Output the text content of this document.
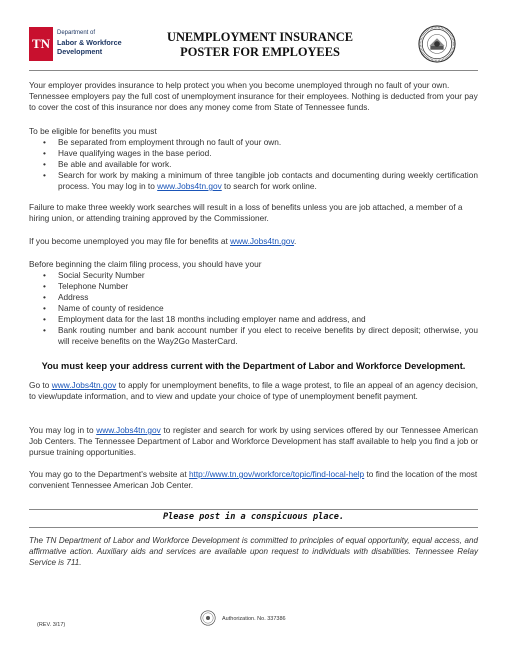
TN
Department of
Labor & Workforce
Development
UNEMPLOYMENT INSURANCE
POSTER FOR EMPLOYEES

Your employer provides insurance to help protect you when you become unemployed through no fault of your own. Tennessee employers pay the full cost of unemployment insurance for their employees. Nothing is deducted from your pay to cover the cost of this insurance nor does any money come from State of Tennessee funds.

To be eligible for benefits you must

• Be separated from employment through no fault of your own.
• Have qualifying wages in the base period.
• Be able and available for work.
• Search for work by making a minimum of three tangible job contacts and documenting during weekly certification process. You may log in to www.Jobs4tn.gov to search for work online.

Failure to make three weekly work searches will result in a loss of benefits unless you are job attached, a member of a hiring union, or attending training approved by the Commissioner.

If you become unemployed you may file for benefits at www.Jobs4tn.gov.

Before beginning the claim filing process, you should have your

• Social Security Number
• Telephone Number
• Address
• Name of county of residence
• Employment data for the last 18 months including employer name and address, and
• Bank routing number and bank account number if you elect to receive benefits by direct deposit; otherwise, you will receive benefits on the Way2Go MasterCard.
You must keep your address current with the Department of Labor and Workforce Development.

Go to www.Jobs4tn.gov to apply for unemployment benefits, to file a wage protest, to file an appeal of an agency decision, to view/update information, and to view and update your choice of type of unemployment benefit payment.

You may log in to www.Jobs4tn.gov to register and search for work by using services offered by our Tennessee American Job Centers. The Tennessee Department of Labor and Workforce Development has staff available to help you find a job or pursue training opportunities.

You may go to the Department's website at http://www.tn.gov/workforce/topic/find-local-help to find the location of the most convenient Tennessee American Job Center.

Please post in a conspicuous place.
The TN Department of Labor and Workforce Development is committed to principles of equal opportunity, equal access, and affirmative action. Auxiliary aids and services are available upon request to individuals with disabilities. Tennessee Relay Service is 711.
(REV. 3/17)
Authorization. No. 337386
